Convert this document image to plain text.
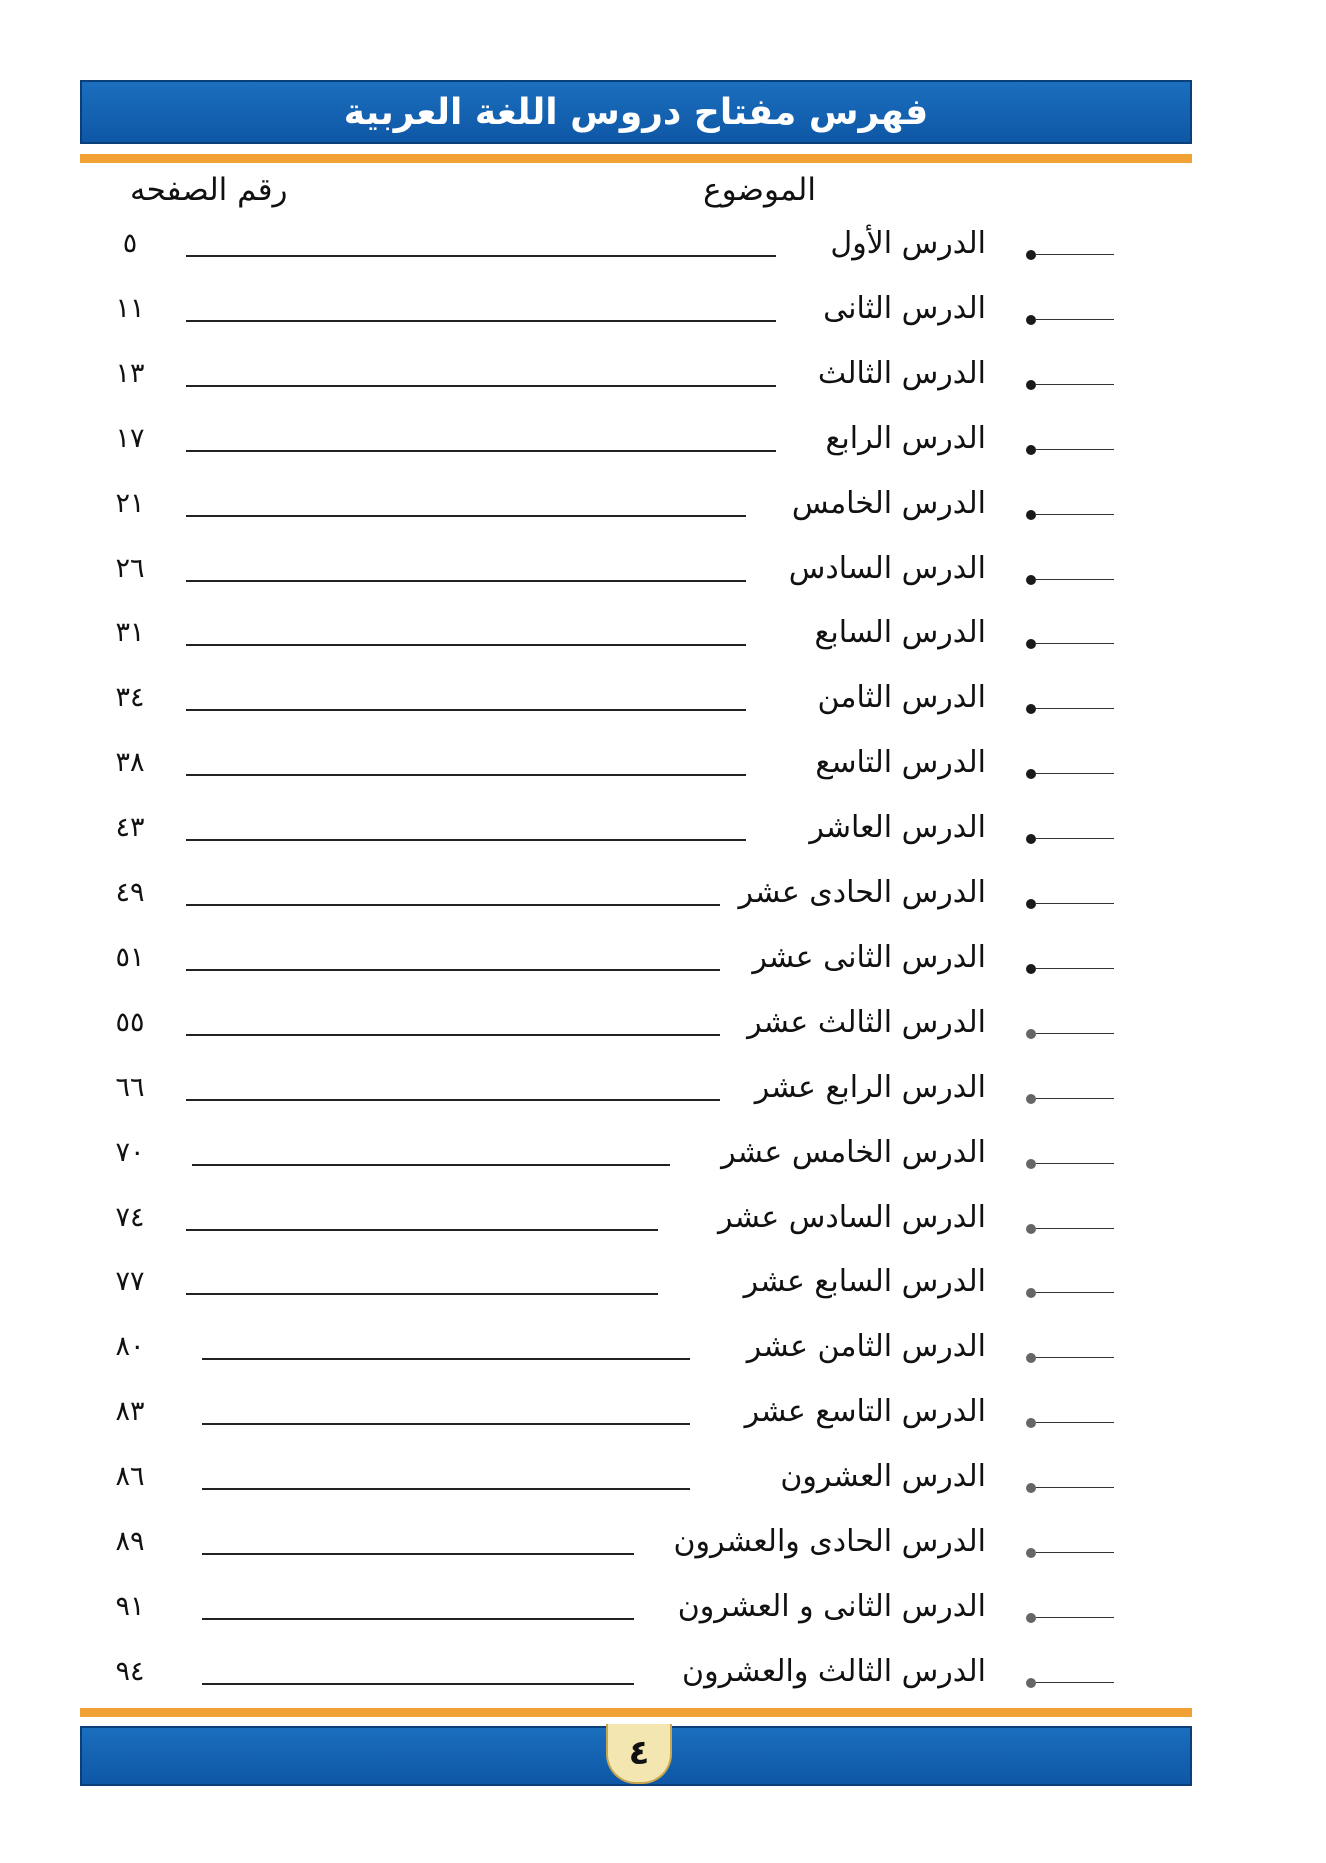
فهرس مفتاح دروس اللغة العربية
الموضوع
رقم الصفحه
الدرس الأول
٥
الدرس الثانى
١١
الدرس الثالث
١٣
الدرس الرابع
١٧
الدرس الخامس
٢١
الدرس السادس
٢٦
الدرس السابع
٣١
الدرس الثامن
٣٤
الدرس التاسع
٣٨
الدرس العاشر
٤٣
الدرس الحادى عشر
٤٩
الدرس الثانى عشر
٥١
الدرس الثالث عشر
٥٥
الدرس الرابع عشر
٦٦
الدرس الخامس عشر
٧٠
الدرس السادس عشر
٧٤
الدرس السابع عشر
٧٧
الدرس الثامن عشر
٨٠
الدرس التاسع عشر
٨٣
الدرس العشرون
٨٦
الدرس الحادى والعشرون
٨٩
الدرس الثانى و العشرون
٩١
الدرس الثالث والعشرون
٩٤
٤
